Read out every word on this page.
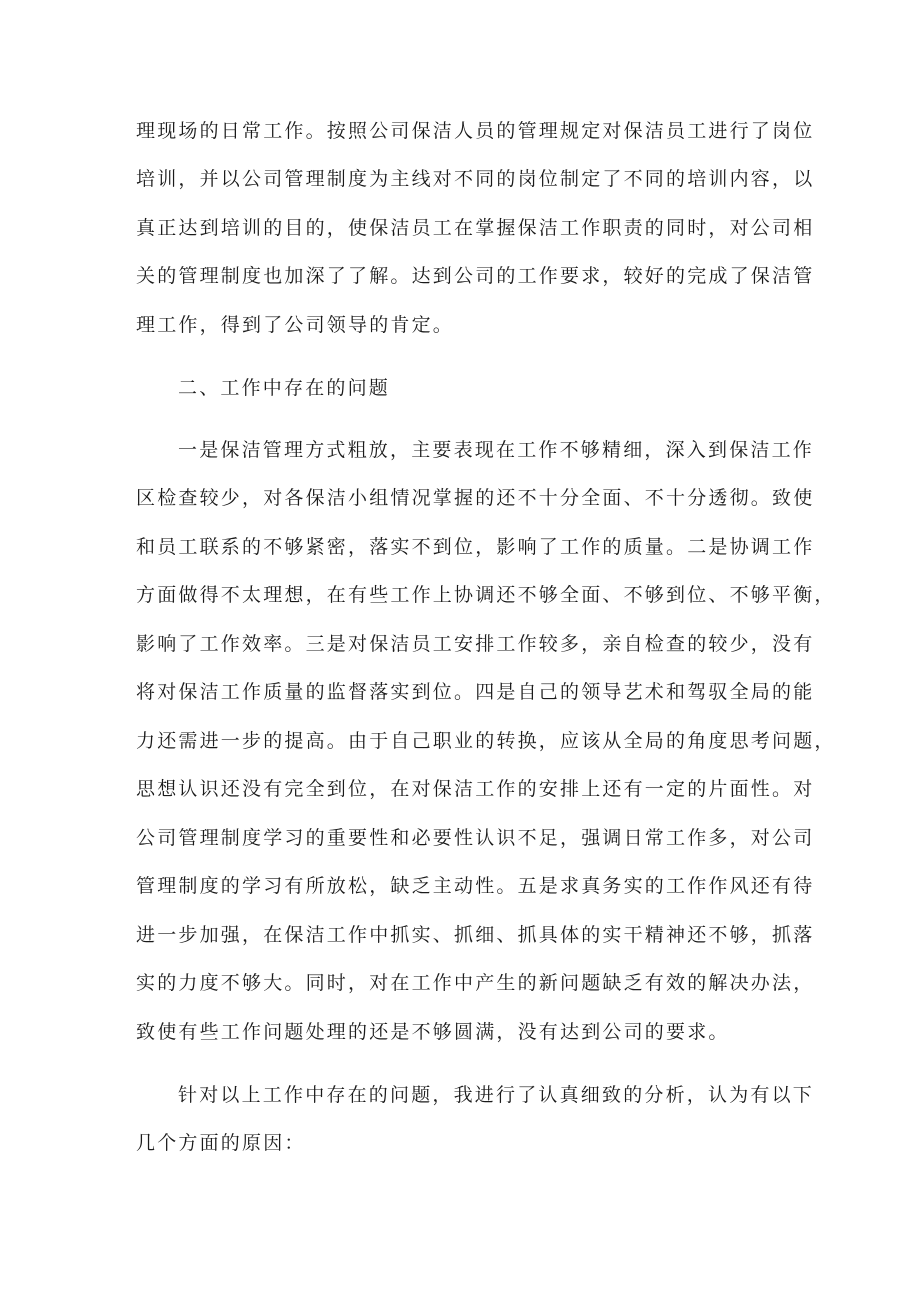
理现场的日常工作。按照公司保洁人员的管理规定对保洁员工进行了岗位
培训，并以公司管理制度为主线对不同的岗位制定了不同的培训内容，以
真正达到培训的目的，使保洁员工在掌握保洁工作职责的同时，对公司相
关的管理制度也加深了了解。达到公司的工作要求，较好的完成了保洁管
理工作，得到了公司领导的肯定。
二、工作中存在的问题
一是保洁管理方式粗放，主要表现在工作不够精细，深入到保洁工作
区检查较少，对各保洁小组情况掌握的还不十分全面、不十分透彻。致使
和员工联系的不够紧密，落实不到位，影响了工作的质量。二是协调工作
方面做得不太理想，在有些工作上协调还不够全面、不够到位、不够平衡，
影响了工作效率。三是对保洁员工安排工作较多，亲自检查的较少，没有
将对保洁工作质量的监督落实到位。四是自己的领导艺术和驾驭全局的能
力还需进一步的提高。由于自己职业的转换，应该从全局的角度思考问题，
思想认识还没有完全到位，在对保洁工作的安排上还有一定的片面性。对
公司管理制度学习的重要性和必要性认识不足，强调日常工作多，对公司
管理制度的学习有所放松，缺乏主动性。五是求真务实的工作作风还有待
进一步加强，在保洁工作中抓实、抓细、抓具体的实干精神还不够，抓落
实的力度不够大。同时，对在工作中产生的新问题缺乏有效的解决办法，
致使有些工作问题处理的还是不够圆满，没有达到公司的要求。
针对以上工作中存在的问题，我进行了认真细致的分析，认为有以下
几个方面的原因：
